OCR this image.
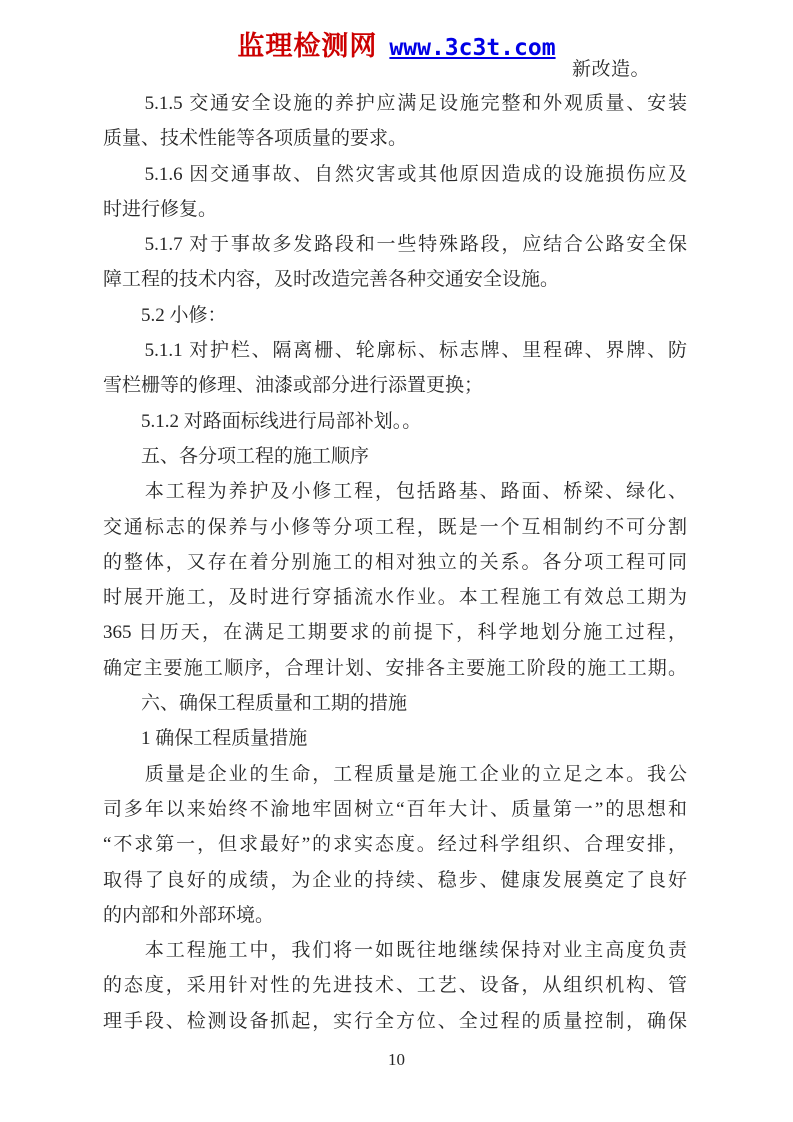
监理检测网 www.3c3t.com
新改造。
　　5.1.5 交通安全设施的养护应满足设施完整和外观质量、安装
质量、技术性能等各项质量的要求。
　　5.1.6 因交通事故、自然灾害或其他原因造成的设施损伤应及
时进行修复。
　　5.1.7 对于事故多发路段和一些特殊路段，应结合公路安全保
障工程的技术内容，及时改造完善各种交通安全设施。
　　5.2 小修：
　　5.1.1 对护栏、隔离栅、轮廓标、标志牌、里程碑、界牌、防
雪栏栅等的修理、油漆或部分进行添置更换；
　　5.1.2 对路面标线进行局部补划。。
　　五、各分项工程的施工顺序
　　本工程为养护及小修工程，包括路基、路面、桥梁、绿化、
交通标志的保养与小修等分项工程，既是一个互相制约不可分割
的整体，又存在着分别施工的相对独立的关系。各分项工程可同
时展开施工，及时进行穿插流水作业。本工程施工有效总工期为
365 日历天，在满足工期要求的前提下，科学地划分施工过程，
确定主要施工顺序，合理计划、安排各主要施工阶段的施工工期。
　　六、确保工程质量和工期的措施
　　1 确保工程质量措施
　　质量是企业的生命，工程质量是施工企业的立足之本。我公
司多年以来始终不渝地牢固树立“百年大计、质量第一”的思想和
“不求第一，但求最好”的求实态度。经过科学组织、合理安排，
取得了良好的成绩，为企业的持续、稳步、健康发展奠定了良好
的内部和外部环境。
　　本工程施工中，我们将一如既往地继续保持对业主高度负责
的态度，采用针对性的先进技术、工艺、设备，从组织机构、管
理手段、检测设备抓起，实行全方位、全过程的质量控制，确保
10
